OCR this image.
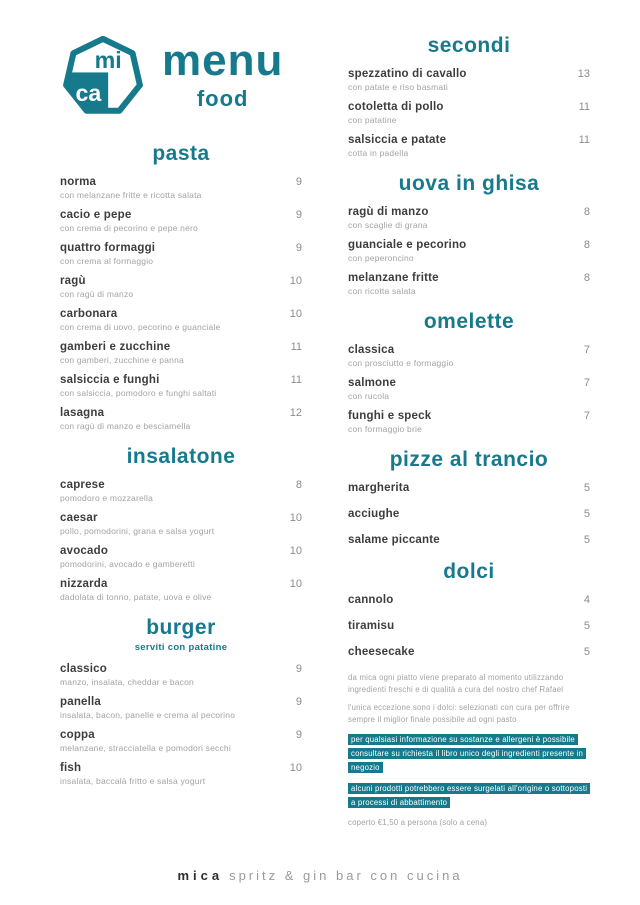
mi
ca
menu
food
pasta
norma	9
con melanzane fritte e ricotta salata
cacio e pepe	9
con crema di pecorino e pepe nero
quattro formaggi	9
con crema al formaggio
ragù	10
con ragù di manzo
carbonara	10
con crema di uovo, pecorino e guanciale
gamberi e zucchine	11
con gamberi, zucchine e panna
salsiccia e funghi	11
con salsiccia, pomodoro e funghi saltati
lasagna	12
con ragù di manzo e besciamella
insalatone
caprese	8
pomodoro e mozzarella
caesar	10
pollo, pomodorini, grana e salsa yogurt
avocado	10
pomodorini, avocado e gamberetti
nizzarda	10
dadolata di tonno, patate, uova e olive
burger
serviti con patatine
classico	9
manzo, insalata, cheddar e bacon
panella	9
insalata, bacon, panelle e crema al pecorino
coppa	9
melanzane, stracciatella e pomodori secchi
fish	10
insalata, baccalà fritto e salsa yogurt
secondi
spezzatino di cavallo	13
con patate e riso basmati
cotoletta di pollo	11
con patatine
salsiccia e patate	11
cotta in padella
uova in ghisa
ragù di manzo	8
con scaglie di grana
guanciale e pecorino	8
con peperoncino
melanzane fritte	8
con ricotta salata
omelette
classica	7
con prosciutto e formaggio
salmone	7
con rucola
funghi e speck	7
con formaggio brie
pizze al trancio
margherita	5
acciughe	5
salame piccante	5
dolci
cannolo	4
tiramisu	5
cheesecake	5
da mica ogni piatto viene preparato al momento utilizzando ingredienti freschi e di qualità a cura del nostro chef Rafael
l'unica eccezione sono i dolci: selezionati con cura per offrire sempre il miglior finale possibile ad ogni pasto
per qualsiasi informazione su sostanze e allergeni è possibile consultare su richiesta il libro unico degli ingredienti presente in negozio
alcuni prodotti potrebbero essere surgelati all'origine o sottoposti a processi di abbattimento
coperto €1,50 a persona (solo a cena)
mica spritz & gin bar con cucina
